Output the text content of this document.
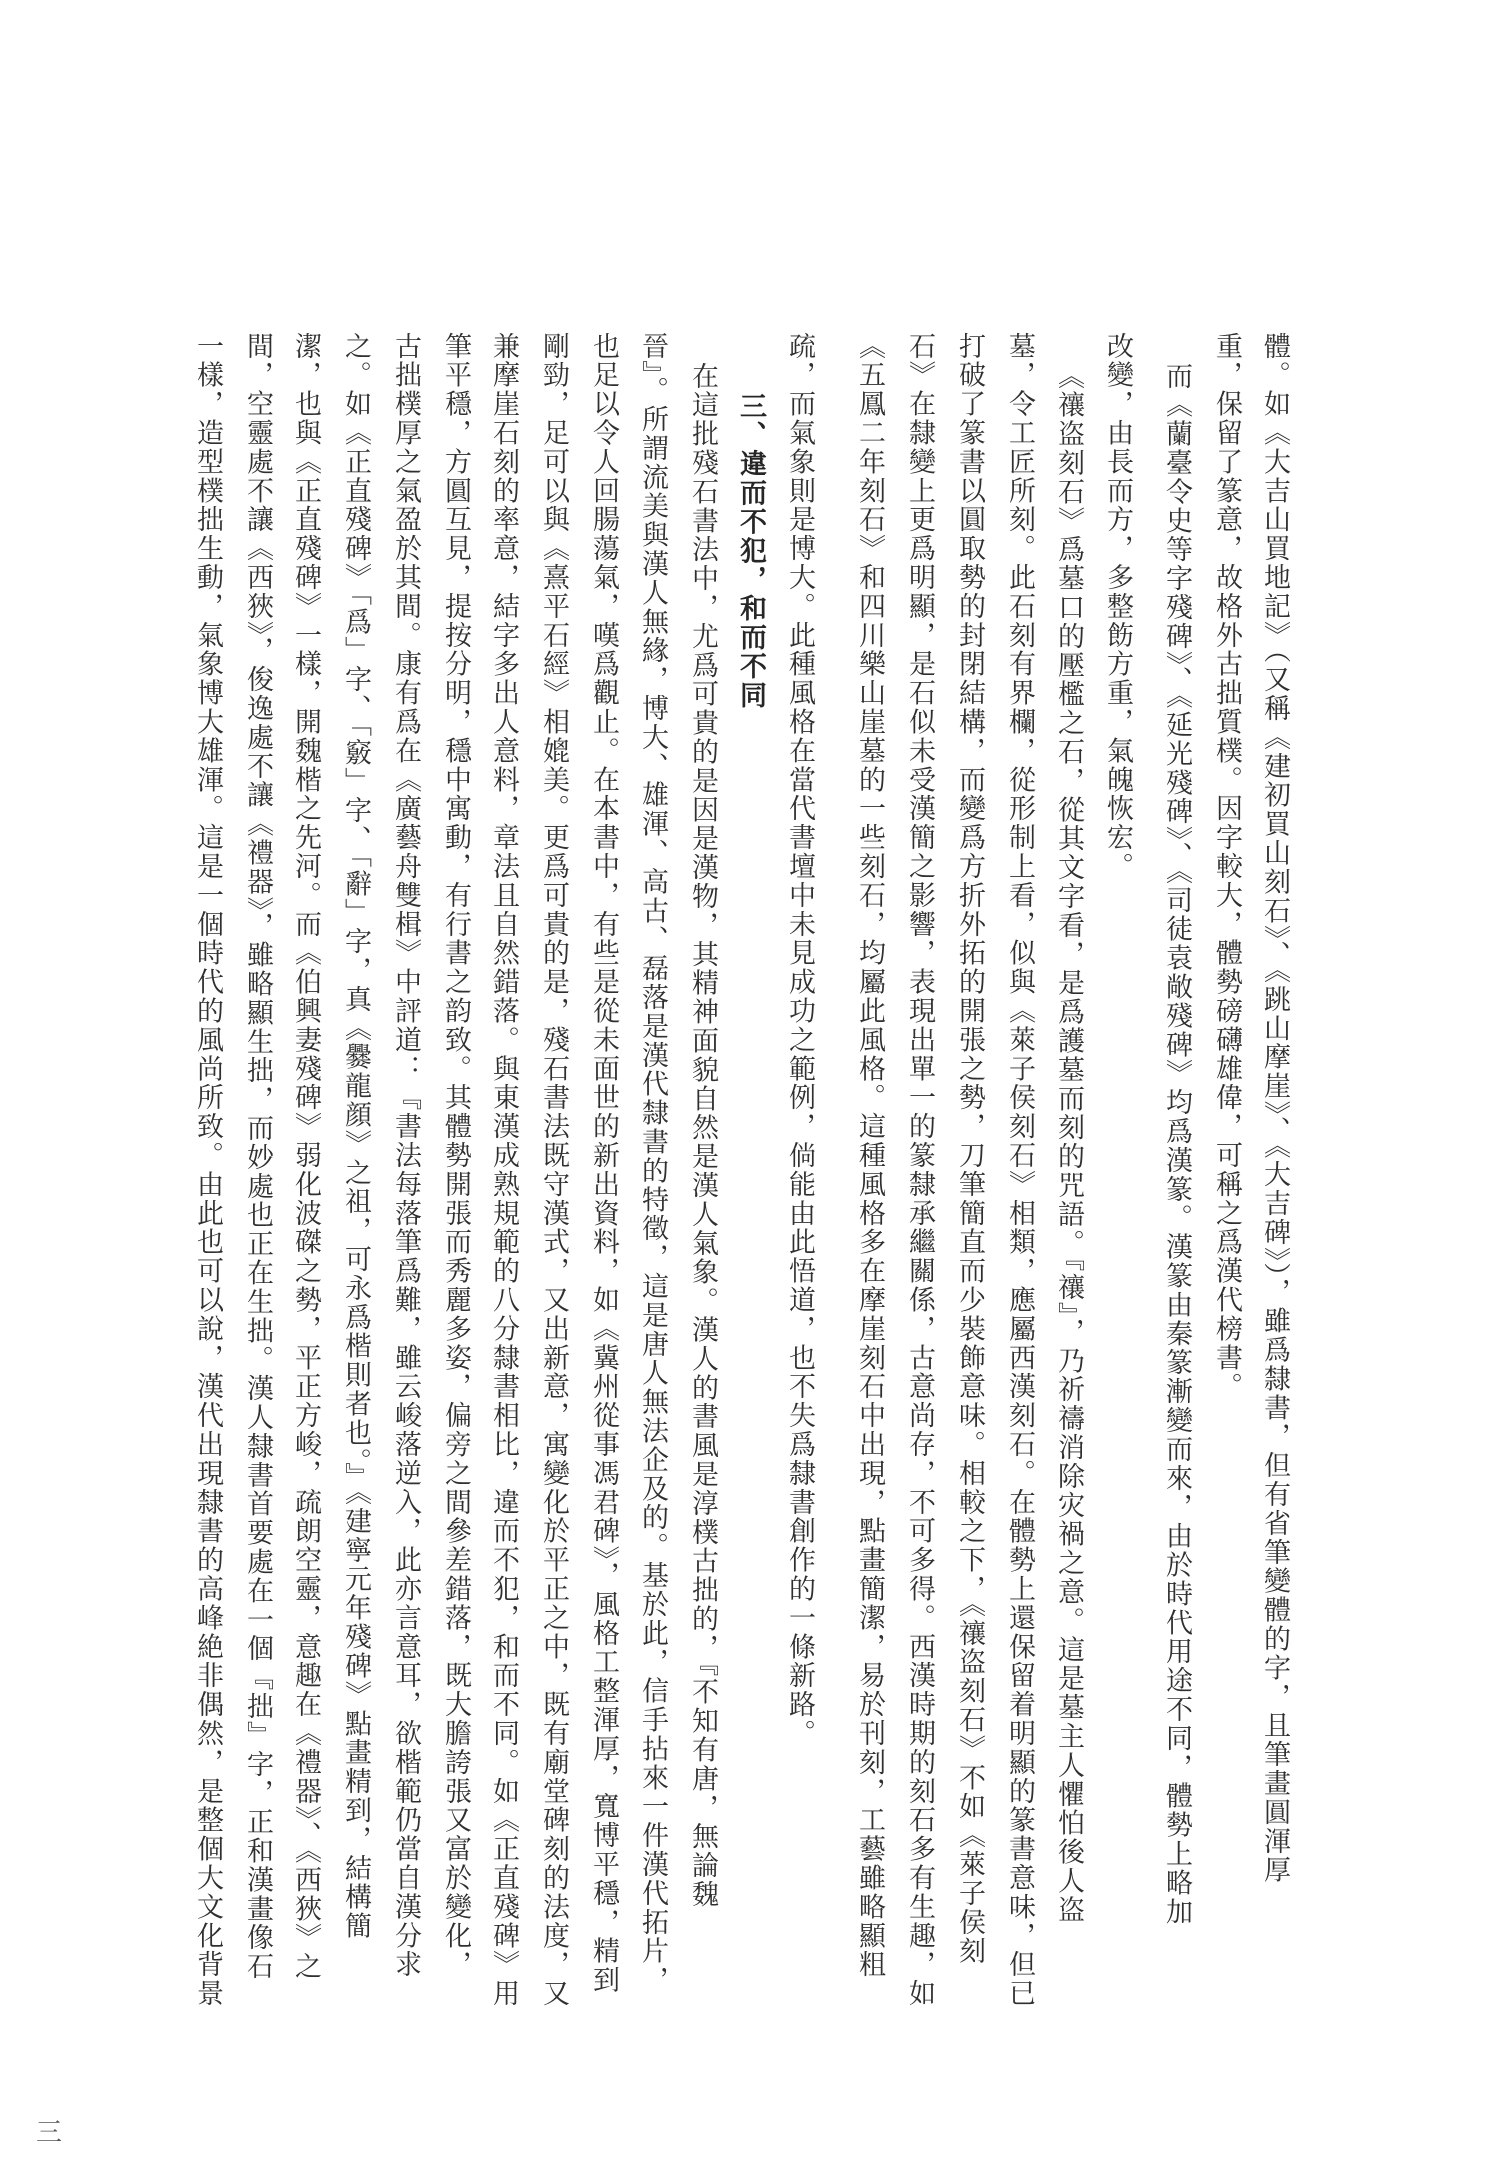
體。如《大吉山買地記》（又稱《建初買山刻石》、《跳山摩崖》、《大吉碑》），雖爲隸書，但有省筆變體的字，且筆畫圓渾厚
重，保留了篆意，故格外古拙質樸。因字較大，體勢磅礴雄偉，可稱之爲漢代榜書。
而《蘭臺令史等字殘碑》、《延光殘碑》、《司徒袁敞殘碑》均爲漢篆。漢篆由秦篆漸變而來，由於時代用途不同，體勢上略加
改變，由長而方，多整飭方重，氣魄恢宏。
《禳盗刻石》爲墓口的壓檻之石，從其文字看，是爲護墓而刻的咒語。『禳』，乃祈禱消除灾禍之意。這是墓主人懼怕後人盗
墓，令工匠所刻。此石刻有界欄，從形制上看，似與《萊子侯刻石》相類，應屬西漢刻石。在體勢上還保留着明顯的篆書意味，但已
打破了篆書以圓取勢的封閉結構，而變爲方折外拓的開張之勢，刀筆簡直而少裝飾意味。相較之下，《禳盗刻石》不如《萊子侯刻
石》在隸變上更爲明顯，是石似未受漢簡之影響，表現出單一的篆隸承繼關係，古意尚存，不可多得。西漢時期的刻石多有生趣，如
《五鳳二年刻石》和四川樂山崖墓的一些刻石，均屬此風格。這種風格多在摩崖刻石中出現，點畫簡潔，易於刊刻，工藝雖略顯粗
疏，而氣象則是博大。此種風格在當代書壇中未見成功之範例，倘能由此悟道，也不失爲隸書創作的一條新路。
三、違而不犯，和而不同
在這批殘石書法中，尤爲可貴的是因是漢物，其精神面貌自然是漢人氣象。漢人的書風是淳樸古拙的，『不知有唐，無論魏
晉』。所謂流美與漢人無緣，博大、雄渾、高古、磊落是漢代隸書的特徵，這是唐人無法企及的。基於此，信手拈來一件漢代拓片，
也足以令人回腸蕩氣，嘆爲觀止。在本書中，有些是從未面世的新出資料，如《冀州從事馮君碑》，風格工整渾厚，寬博平穩，精到
剛勁，足可以與《熹平石經》相媲美。更爲可貴的是，殘石書法既守漢式，又出新意，寓變化於平正之中，既有廟堂碑刻的法度，又
兼摩崖石刻的率意，結字多出人意料，章法且自然錯落。與東漢成熟規範的八分隸書相比，違而不犯，和而不同。如《正直殘碑》用
筆平穩，方圓互見，提按分明，穩中寓動，有行書之韵致。其體勢開張而秀麗多姿，偏旁之間參差錯落，既大膽誇張又富於變化，
古拙樸厚之氣盈於其間。康有爲在《廣藝舟雙楫》中評道：『書法每落筆爲難，雖云峻落逆入，此亦言意耳，欲楷範仍當自漢分求
之。如《正直殘碑》「爲」字、「竅」字、「辭」字，真《爨龍顔》之祖，可永爲楷則者也。』《建寧元年殘碑》點畫精到，結構簡
潔，也與《正直殘碑》一樣，開魏楷之先河。而《伯興妻殘碑》弱化波磔之勢，平正方峻，疏朗空靈，意趣在《禮器》、《西狹》之
間，空靈處不讓《西狹》，俊逸處不讓《禮器》，雖略顯生拙，而妙處也正在生拙。漢人隸書首要處在一個『拙』字，正和漢畫像石
一樣，造型樸拙生動，氣象博大雄渾。這是一個時代的風尚所致。由此也可以說，漢代出現隸書的高峰絶非偶然，是整個大文化背景
三
